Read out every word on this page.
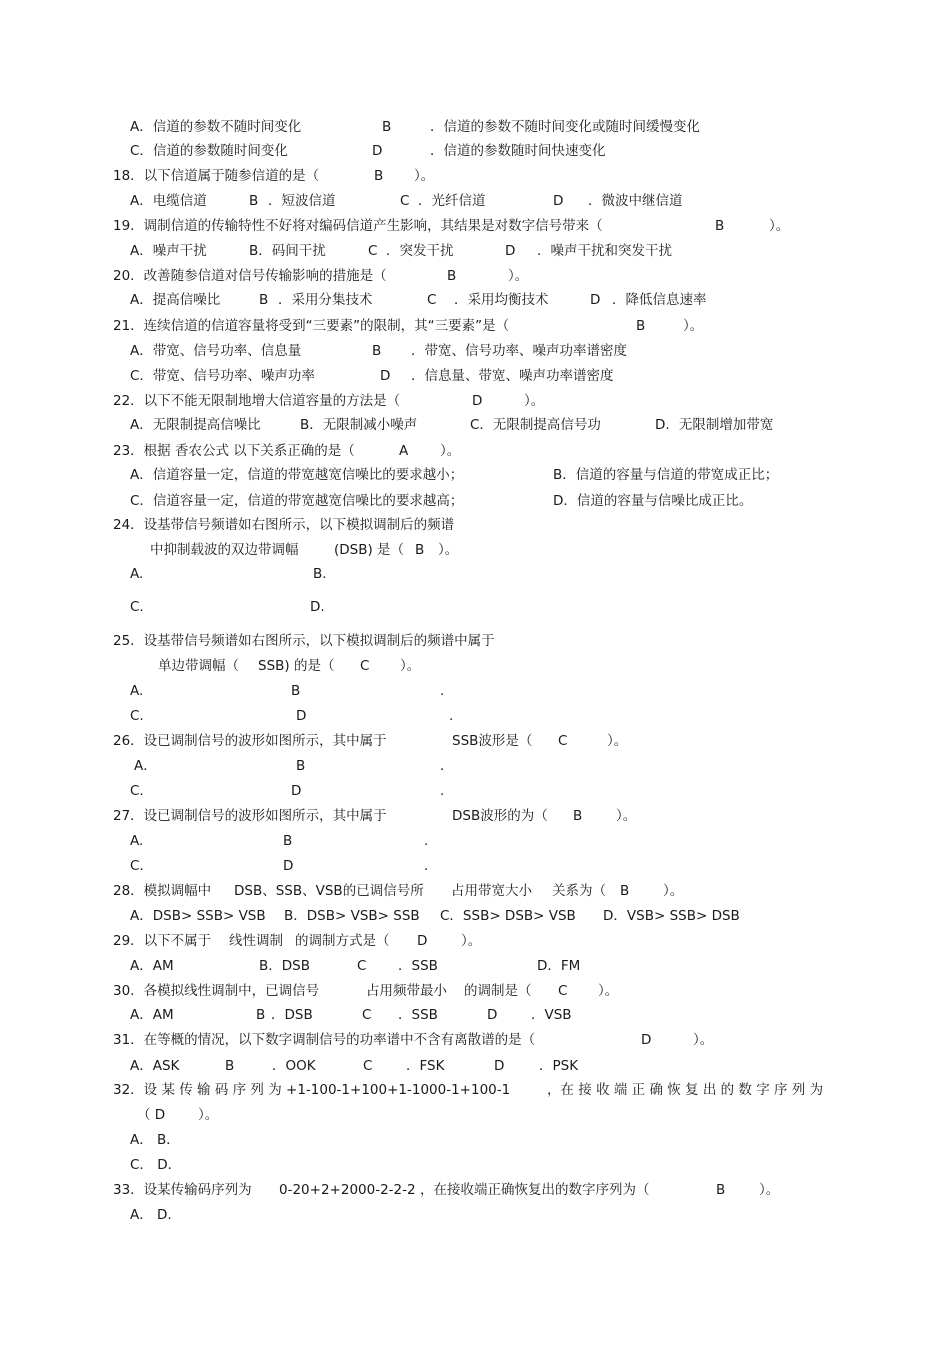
A．信道的参数不随时间变化	B	．信道的参数不随时间变化或随时间缓慢变化
C．信道的参数随时间变化	D	．信道的参数随时间快速变化
18．以下信道属于随参信道的是（	B ）。
A．电缆信道	B ．短波信道	C ．光纤信道	D ．微波中继信道
19．调制信道的传输特性不好将对编码信道产生影响，其结果是对数字信号带来（	B	）。
A．噪声干扰	B．码间干扰	C ．突发干扰	D ．噪声干扰和突发干扰
20．改善随参信道对信号传输影响的措施是（	B	）。
A．提高信噪比	B ．采用分集技术	C ．采用均衡技术	D ．降低信息速率
21．连续信道的信道容量将受到“三要素”的限制，其“三要素”是（	B	）。
A．带宽、信号功率、信息量	B ．带宽、信号功率、噪声功率谱密度
C．带宽、信号功率、噪声功率	D ．信息量、带宽、噪声功率谱密度
22．以下不能无限制地增大信道容量的方法是（	D	）。
A．无限制提高信噪比	B．无限制减小噪声	C．无限制提高信号功	D．无限制增加带宽
23．根据 香农公式 以下关系正确的是（	A ）。
A．信道容量一定，信道的带宽越宽信噪比的要求越小；	B．信道的容量与信道的带宽成正比；
C．信道容量一定，信道的带宽越宽信噪比的要求越高；	D．信道的容量与信噪比成正比。
24．设基带信号频谱如右图所示，以下模拟调制后的频谱
中抑制载波的双边带调幅	(DSB) 是（ B ）。
A.	B.
C.	D.
25．设基带信号频谱如右图所示，以下模拟调制后的频谱中属于
单边带调幅（ SSB) 的是（ C ）。
A.	B	.
C.	D	.
26．设已调制信号的波形如图所示，其中属于	SSB波形是（ C	）。
A．	B	.
C.	D	.
27．设已调制信号的波形如图所示，其中属于	DSB波形的为（ B ）。
A.	B	.
C.	D	.
28．模拟调幅中 DSB、SSB、VSB的已调信号所 占用带宽大小 关系为（ B ）。
A．DSB> SSB> VSB B．DSB> VSB> SSB C．SSB> DSB> VSB D．VSB> SSB> DSB
29．以下不属于 线性调制 的调制方式是（ D ）。
A．AM	B．DSB	C ．SSB	D．FM
30．各模拟线性调制中，已调信号	占用频带最小 的调制是（ C ）。
A．AM	B ．DSB	C ．SSB	D ．VSB
31．在等概的情况，以下数字调制信号的功率谱中不含有离散谱的是（	D	）。
A．ASK	B	．OOK	C ．FSK	D	．PSK
32．设 某 传 输 码 序 列 为 +1-100-1+100+1-1000-1+100-1	，在 接 收 端 正 确 恢 复 出 的 数 字 序 列 为
（ D ）。
A． B．
C． D．
33．设某传输码序列为 0-20+2+2000-2-2-2 ，在接收端正确恢复出的数字序列为（	B ）。
A． D.
